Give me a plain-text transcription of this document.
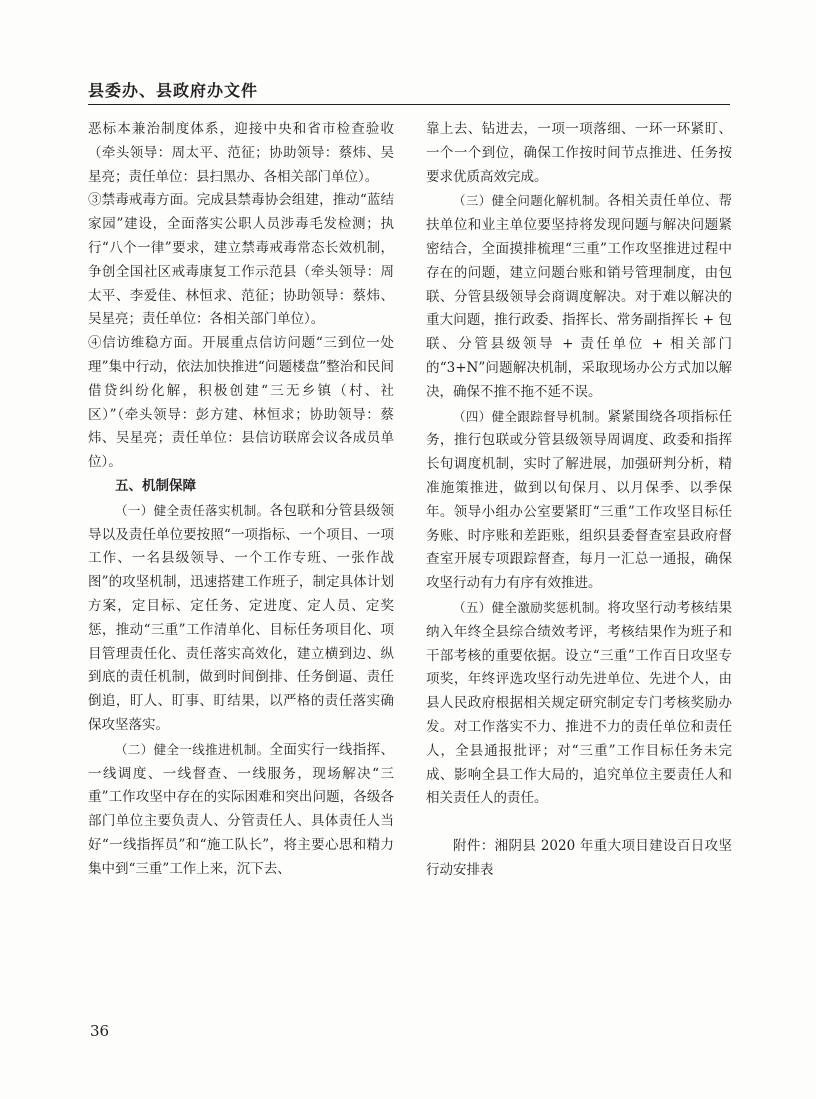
县委办、县政府办文件

恶标本兼治制度体系，迎接中央和省市检查验收（牵头领导：周太平、范征；协助领导：蔡炜、吴星亮；责任单位：县扫黑办、各相关部门单位）。

③禁毒戒毒方面。完成县禁毒协会组建，推动“蓝结家园”建设，全面落实公职人员涉毒毛发检测；执行“八个一律”要求，建立禁毒戒毒常态长效机制，争创全国社区戒毒康复工作示范县（牵头领导：周太平、李爱佳、林恒求、范征；协助领导：蔡炜、吴星亮；责任单位：各相关部门单位）。

④信访维稳方面。开展重点信访问题“三到位一处理”集中行动，依法加快推进“问题楼盘”整治和民间借贷纠纷化解，积极创建“三无乡镇（村、社区）”（牵头领导：彭方建、林恒求；协助领导：蔡炜、吴星亮；责任单位：县信访联席会议各成员单位）。

五、机制保障

（一）健全责任落实机制。各包联和分管县级领导以及责任单位要按照“一项指标、一个项目、一项工作、一名县级领导、一个工作专班、一张作战图”的攻坚机制，迅速搭建工作班子，制定具体计划方案，定目标、定任务、定进度、定人员、定奖惩，推动“三重”工作清单化、目标任务项目化、项目管理责任化、责任落实高效化，建立横到边、纵到底的责任机制，做到时间倒排、任务倒逼、责任倒追，盯人、盯事、盯结果，以严格的责任落实确保攻坚落实。

（二）健全一线推进机制。全面实行一线指挥、一线调度、一线督查、一线服务，现场解决“三重”工作攻坚中存在的实际困难和突出问题，各级各部门单位主要负责人、分管责任人、具体责任人当好“一线指挥员”和“施工队长”，将主要心思和精力集中到“三重”工作上来，沉下去、

靠上去、钻进去，一项一项落细、一环一环紧盯、一个一个到位，确保工作按时间节点推进、任务按要求优质高效完成。

（三）健全问题化解机制。各相关责任单位、帮扶单位和业主单位要坚持将发现问题与解决问题紧密结合，全面摸排梳理“三重”工作攻坚推进过程中存在的问题，建立问题台账和销号管理制度，由包联、分管县级领导会商调度解决。对于难以解决的重大问题，推行政委、指挥长、常务副指挥长 + 包联、分管县级领导 + 责任单位 + 相关部门的“3+N”问题解决机制，采取现场办公方式加以解决，确保不推不拖不延不误。

（四）健全跟踪督导机制。紧紧围绕各项指标任务，推行包联或分管县级领导周调度、政委和指挥长旬调度机制，实时了解进展，加强研判分析，精准施策推进，做到以旬保月、以月保季、以季保年。领导小组办公室要紧盯“三重”工作攻坚目标任务账、时序账和差距账，组织县委督查室县政府督查室开展专项跟踪督查，每月一汇总一通报，确保攻坚行动有力有序有效推进。

（五）健全激励奖惩机制。将攻坚行动考核结果纳入年终全县综合绩效考评，考核结果作为班子和干部考核的重要依据。设立“三重”工作百日攻坚专项奖，年终评选攻坚行动先进单位、先进个人，由县人民政府根据相关规定研究制定专门考核奖励办发。对工作落实不力、推进不力的责任单位和责任人，全县通报批评；对“三重”工作目标任务未完成、影响全县工作大局的，追究单位主要责任人和相关责任人的责任。

附件：湘阴县 2020 年重大项目建设百日攻坚行动安排表

36
